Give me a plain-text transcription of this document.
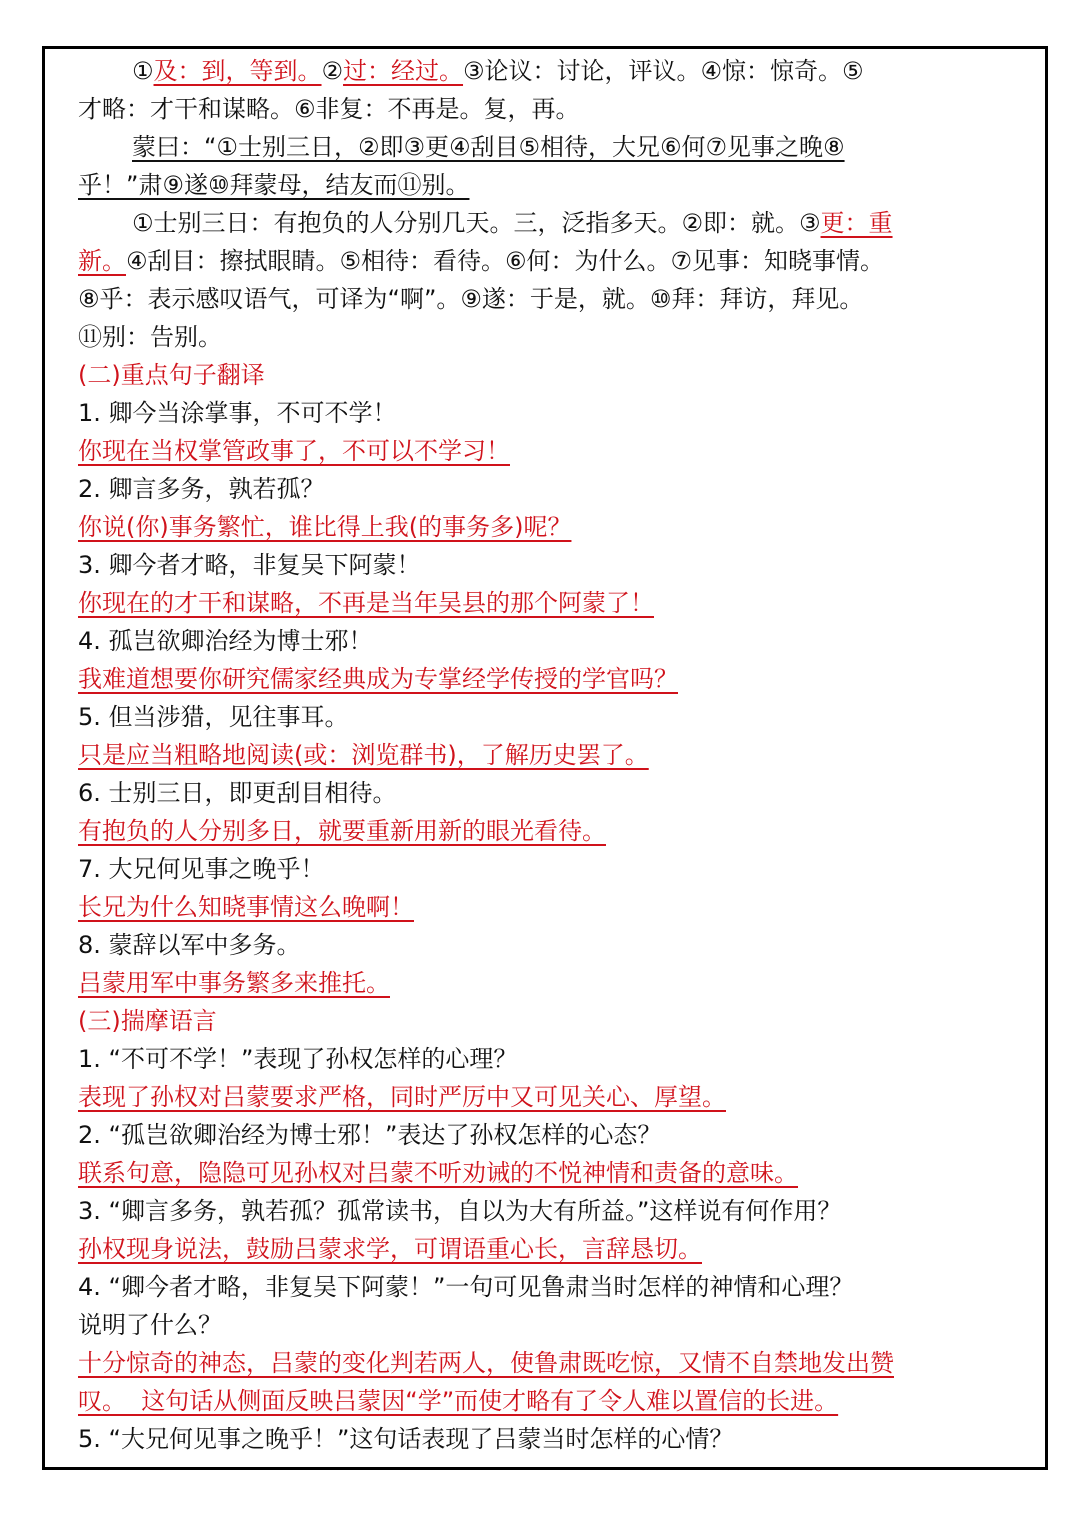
①及：到，等到。②过：经过。③论议：讨论，评议。④惊：惊奇。⑤

才略：才干和谋略。⑥非复：不再是。复，再。

蒙曰：“①士别三日，②即③更④刮目⑤相待，大兄⑥何⑦见事之晚⑧

乎！”肃⑨遂⑩拜蒙母，结友而⑪别。

①士别三日：有抱负的人分别几天。三，泛指多天。②即：就。③更：重

新。④刮目：擦拭眼睛。⑤相待：看待。⑥何：为什么。⑦见事：知晓事情。

⑧乎：表示感叹语气，可译为“啊”。⑨遂：于是，就。⑩拜：拜访，拜见。

⑪别：告别。

(二)重点句子翻译

1. 卿今当涂掌事，不可不学！

你现在当权掌管政事了，不可以不学习！

2. 卿言多务，孰若孤？

你说(你)事务繁忙，谁比得上我(的事务多)呢？

3. 卿今者才略，非复吴下阿蒙！

你现在的才干和谋略，不再是当年吴县的那个阿蒙了！

4. 孤岂欲卿治经为博士邪！

我难道想要你研究儒家经典成为专掌经学传授的学官吗？

5. 但当涉猎，见往事耳。

只是应当粗略地阅读(或：浏览群书)，了解历史罢了。

6. 士别三日，即更刮目相待。

有抱负的人分别多日，就要重新用新的眼光看待。

7. 大兄何见事之晚乎！

长兄为什么知晓事情这么晚啊！

8. 蒙辞以军中多务。

吕蒙用军中事务繁多来推托。

(三)揣摩语言

1. “不可不学！”表现了孙权怎样的心理？

表现了孙权对吕蒙要求严格，同时严厉中又可见关心、厚望。

2. “孤岂欲卿治经为博士邪！”表达了孙权怎样的心态？

联系句意，隐隐可见孙权对吕蒙不听劝诫的不悦神情和责备的意味。

3. “卿言多务，孰若孤？孤常读书，自以为大有所益。”这样说有何作用？

孙权现身说法，鼓励吕蒙求学，可谓语重心长，言辞恳切。

4. “卿今者才略，非复吴下阿蒙！”一句可见鲁肃当时怎样的神情和心理？

说明了什么？

十分惊奇的神态，吕蒙的变化判若两人，使鲁肃既吃惊，又情不自禁地发出赞

叹。  这句话从侧面反映吕蒙因“学”而使才略有了令人难以置信的长进。

5. “大兄何见事之晚乎！”这句话表现了吕蒙当时怎样的心情？
